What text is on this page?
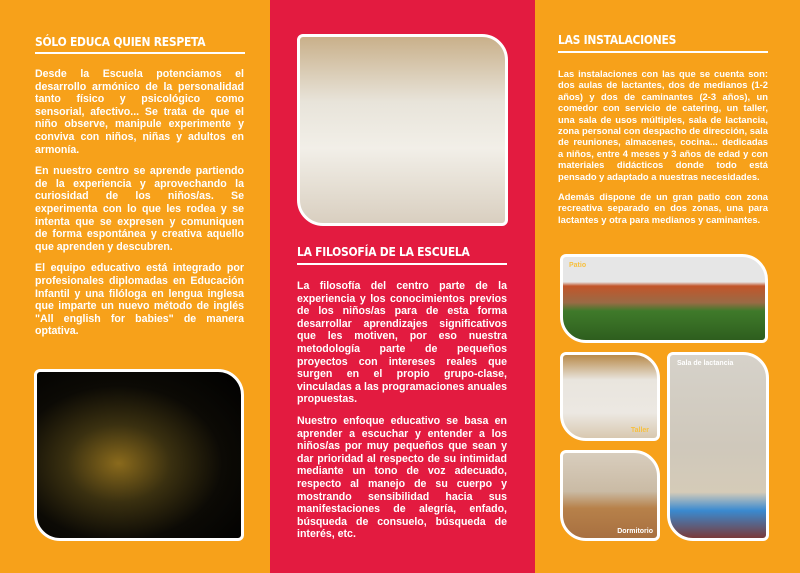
SÓLO EDUCA QUIEN RESPETA

Desde la Escuela potenciamos el desarrollo armónico de la personalidad tanto físico y psicológico como sensorial, afectivo... Se trata de que el niño observe, manipule experimente y conviva con niños, niñas y adultos en armonía.

En nuestro centro se aprende partiendo de la experiencia y aprovechando la curiosidad de los niños/as. Se experimenta con lo que les rodea y se intenta que se expresen y comuniquen de forma espontánea y creativa aquello que aprenden y descubren.

El equipo educativo está integrado por profesionales diplomadas en Educación Infantil y una filóloga en lengua inglesa que imparte un nuevo método de inglés "All english for babies" de manera optativa.

LA FILOSOFÍA DE LA ESCUELA

La filosofía del centro parte de la experiencia y los conocimientos previos de los niños/as para de esta forma desarrollar aprendizajes significativos que les motiven, por eso nuestra metodología parte de pequeños proyectos con intereses reales que surgen en el propio grupo-clase, vinculadas a las programaciones anuales propuestas.

Nuestro enfoque educativo se basa en aprender a escuchar y entender a los niños/as por muy pequeños que sean y dar prioridad al respecto de su intimidad mediante un tono de voz adecuado, respecto al manejo de su cuerpo y mostrando sensibilidad hacia sus manifestaciones de alegría, enfado, búsqueda de consuelo, búsqueda de interés, etc.

LAS INSTALACIONES

Las instalaciones con las que se cuenta son: dos aulas de lactantes, dos de medianos (1-2 años) y dos de caminantes (2-3 años), un comedor con servicio de catering, un taller, una sala de usos múltiples, sala de lactancia, zona personal con despacho de dirección, sala de reuniones, almacenes, cocina... dedicadas a niños, entre 4 meses y 3 años de edad y con materiales didácticos donde todo está pensado y adaptado a nuestras necesidades.

Además dispone de un gran patio con zona recreativa separado en dos zonas, una para lactantes y otra para medianos y caminantes.

Patio
Taller
Sala de lactancia
Dormitorio
